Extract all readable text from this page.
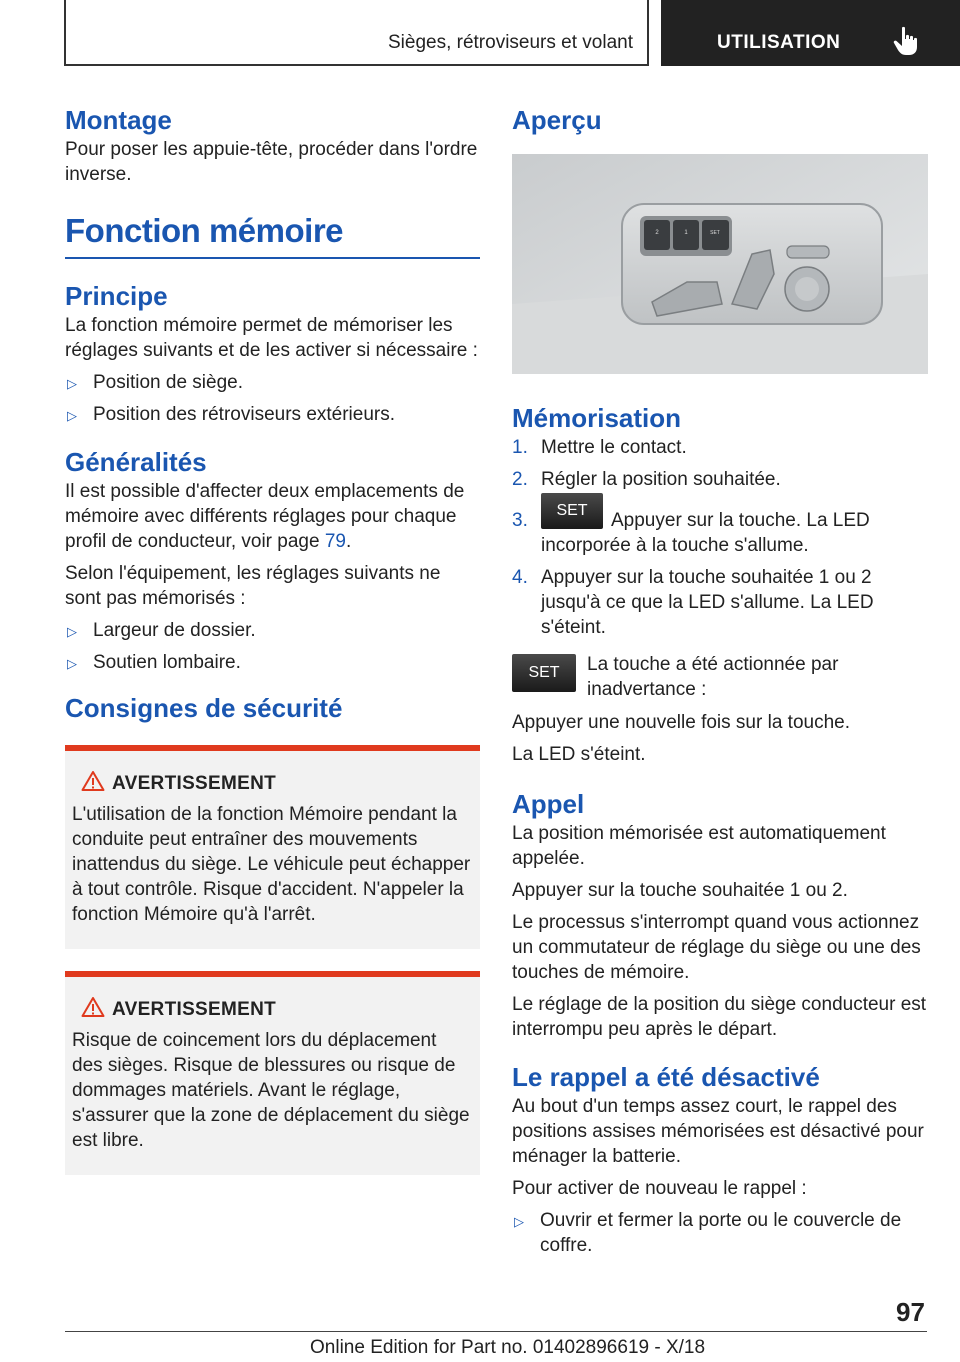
Sièges, rétroviseurs et volant	UTILISATION
Montage

Pour poser les appuie-tête, procéder dans l'ordre inverse.

Fonction mémoire
Principe

La fonction mémoire permet de mémoriser les réglages suivants et de les activer si nécessaire :

▷ Position de siège.
▷ Position des rétroviseurs extérieurs.
Généralités

Il est possible d'affecter deux emplacements de mémoire avec différents réglages pour chaque profil de conducteur, voir page 79.

Selon l'équipement, les réglages suivants ne sont pas mémorisés :

▷ Largeur de dossier.
▷ Soutien lombaire.
Consignes de sécurité
AVERTISSEMENT

L'utilisation de la fonction Mémoire pendant la conduite peut entraîner des mouvements inattendus du siège. Le véhicule peut échapper à tout contrôle. Risque d'accident. N'appeler la fonction Mémoire qu'à l'arrêt.

AVERTISSEMENT

Risque de coincement lors du déplacement des sièges. Risque de blessures ou risque de dommages matériels. Avant le réglage, s'assurer que la zone de déplacement du siège est libre.

Aperçu
2	1	SET
Mémorisation
1. Mettre le contact.
2. Régler la position souhaitée.
3. SET Appuyer sur la touche. La LED incorporée à la touche s'allume.
4. Appuyer sur la touche souhaitée 1 ou 2 jusqu'à ce que la LED s'allume. La LED s'éteint.
SET	La touche a été actionnée par inadvertance :

Appuyer une nouvelle fois sur la touche.

La LED s'éteint.

Appel

La position mémorisée est automatiquement appelée.

Appuyer sur la touche souhaitée 1 ou 2.

Le processus s'interrompt quand vous actionnez un commutateur de réglage du siège ou une des touches de mémoire.

Le réglage de la position du siège conducteur est interrompu peu après le départ.

Le rappel a été désactivé

Au bout d'un temps assez court, le rappel des positions assises mémorisées est désactivé pour ménager la batterie.

Pour activer de nouveau le rappel :

▷ Ouvrir et fermer la porte ou le couvercle de coffre.
97
Online Edition for Part no. 01402896619 - X/18
